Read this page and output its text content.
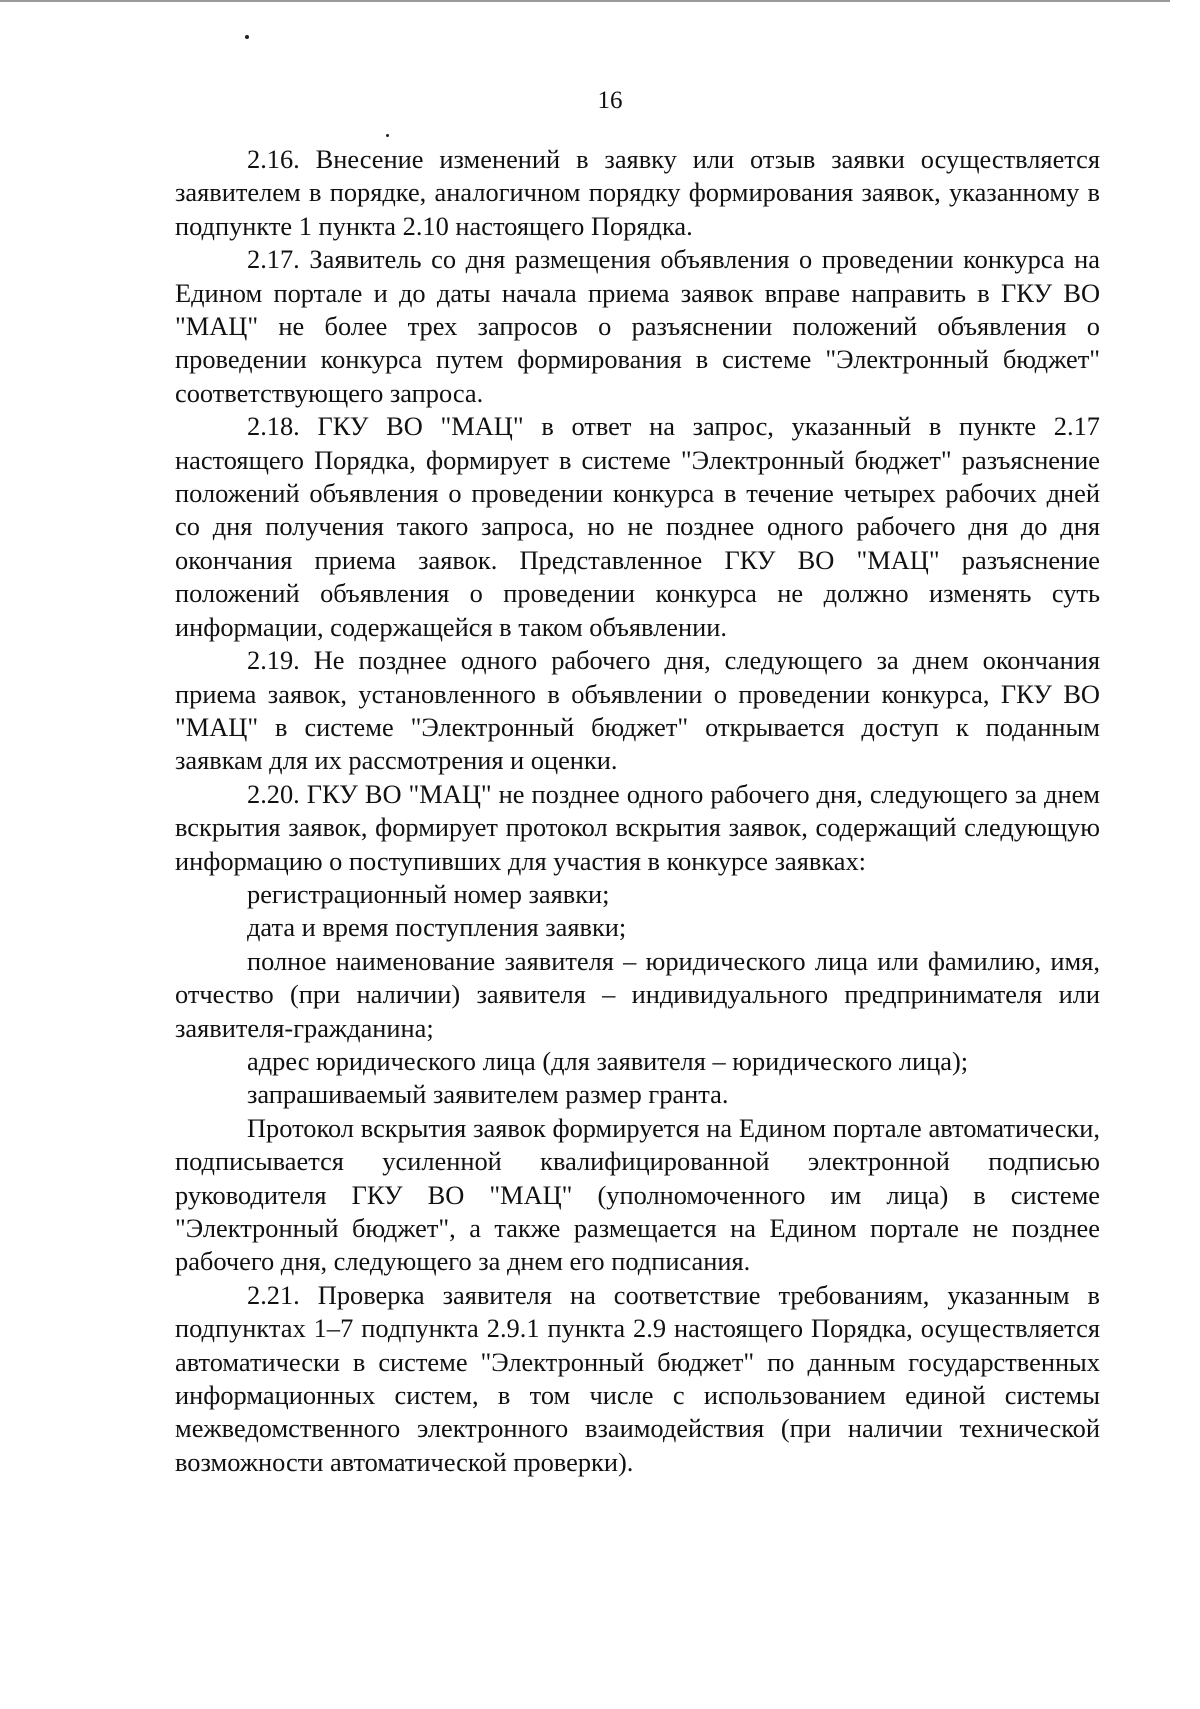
16

2.16. Внесение изменений в заявку или отзыв заявки осуществляется заявителем в порядке, аналогичном порядку формирования заявок, указанному в подпункте 1 пункта 2.10 настоящего Порядка.

2.17. Заявитель со дня размещения объявления о проведении конкурса на Едином портале и до даты начала приема заявок вправе направить в ГКУ ВО "МАЦ" не более трех запросов о разъяснении положений объявления о проведении конкурса путем формирования в системе "Электронный бюджет" соответствующего запроса.

2.18. ГКУ ВО "МАЦ" в ответ на запрос, указанный в пункте 2.17 настоящего Порядка, формирует в системе "Электронный бюджет" разъяснение положений объявления о проведении конкурса в течение четырех рабочих дней со дня получения такого запроса, но не позднее одного рабочего дня до дня окончания приема заявок. Представленное ГКУ ВО "МАЦ" разъяснение положений объявления о проведении конкурса не должно изменять суть информации, содержащейся в таком объявлении.

2.19. Не позднее одного рабочего дня, следующего за днем окончания приема заявок, установленного в объявлении о проведении конкурса, ГКУ ВО "МАЦ" в системе "Электронный бюджет" открывается доступ к поданным заявкам для их рассмотрения и оценки.

2.20. ГКУ ВО "МАЦ" не позднее одного рабочего дня, следующего за днем вскрытия заявок, формирует протокол вскрытия заявок, содержащий следующую информацию о поступивших для участия в конкурсе заявках:

регистрационный номер заявки;

дата и время поступления заявки;

полное наименование заявителя – юридического лица или фамилию, имя, отчество (при наличии) заявителя – индивидуального предпринимателя или заявителя-гражданина;

адрес юридического лица (для заявителя – юридического лица);

запрашиваемый заявителем размер гранта.

Протокол вскрытия заявок формируется на Едином портале автоматически, подписывается усиленной квалифицированной электронной подписью руководителя ГКУ ВО "МАЦ" (уполномоченного им лица) в системе "Электронный бюджет", а также размещается на Едином портале не позднее рабочего дня, следующего за днем его подписания.

2.21. Проверка заявителя на соответствие требованиям, указанным в подпунктах 1–7 подпункта 2.9.1 пункта 2.9 настоящего Порядка, осуществляется автоматически в системе "Электронный бюджет" по данным государственных информационных систем, в том числе с использованием единой системы межведомственного электронного взаимодействия (при наличии технической возможности автоматической проверки).
